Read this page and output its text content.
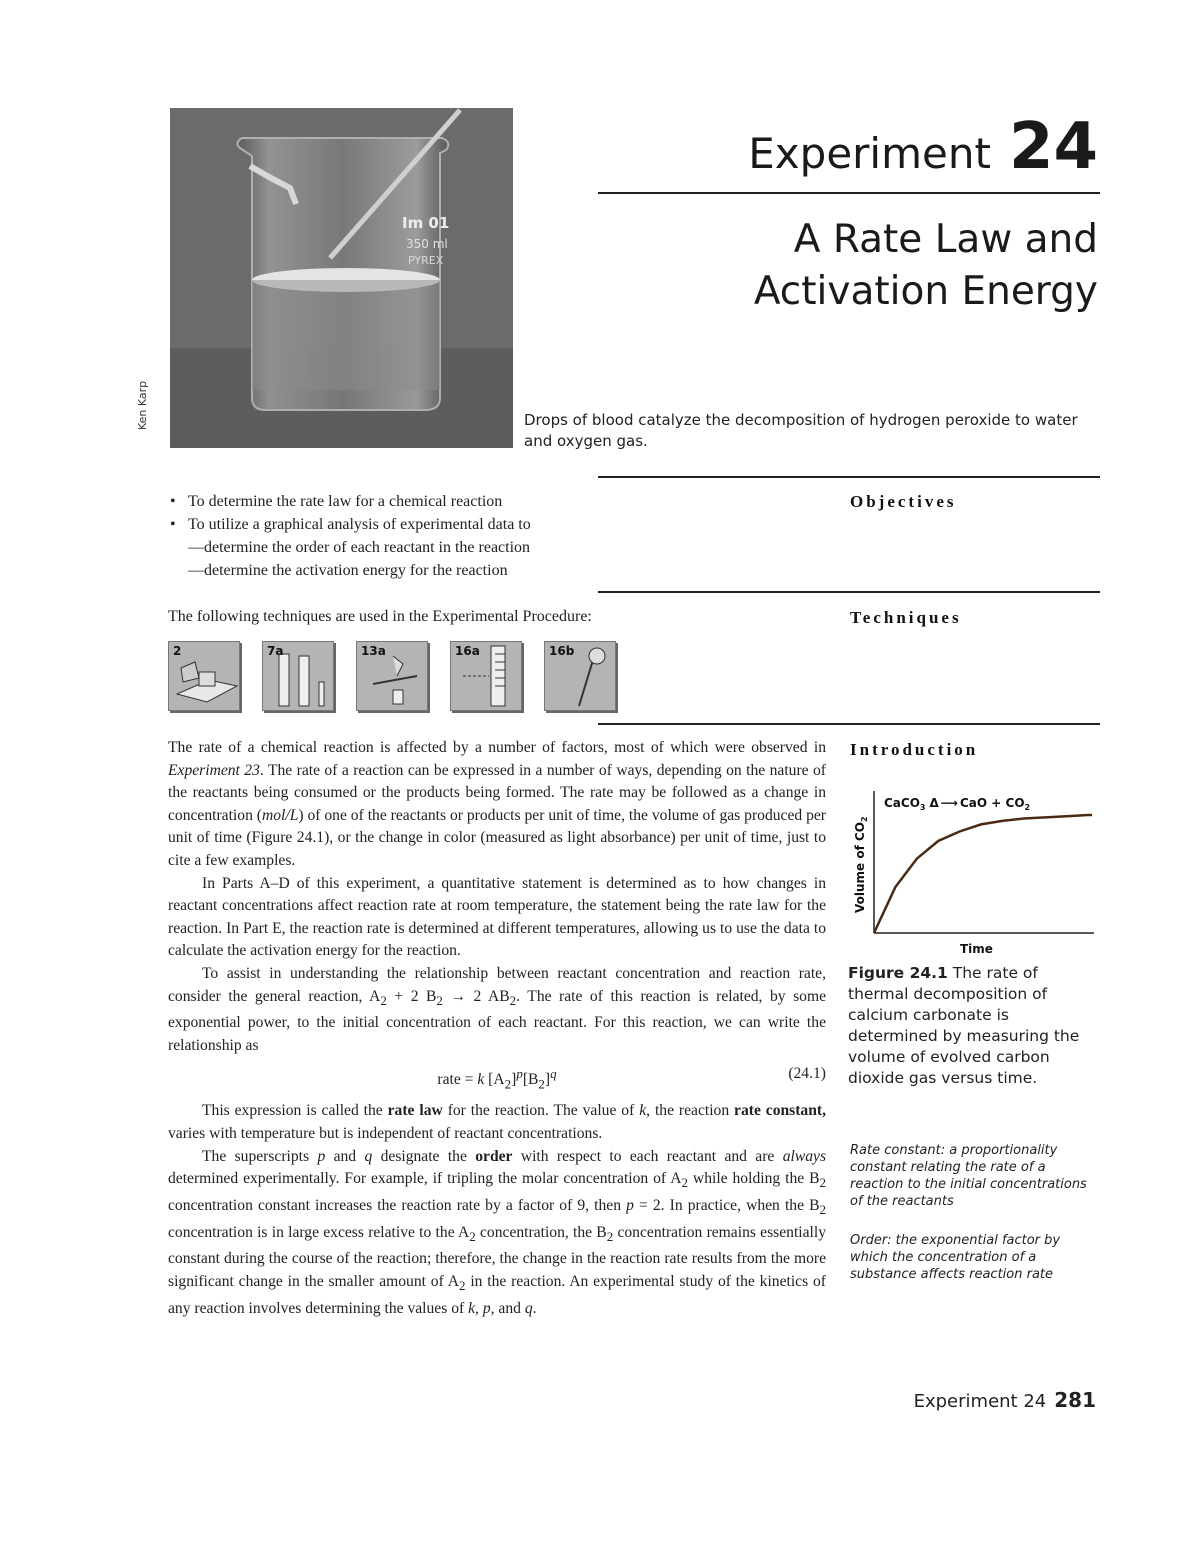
Im 01
350 ml
PYREX
Ken Karp
Experiment 24
A Rate Law and
Activation Energy
Drops of blood catalyze the decomposition of hydrogen peroxide to water and oxygen gas.
Objectives
• To determine the rate law for a chemical reaction
• To utilize a graphical analysis of experimental data to
—determine the order of each reactant in the reaction
—determine the activation energy for the reaction
Techniques
The following techniques are used in the Experimental Procedure:
2	7a	13a	16a	16b
Introduction

The rate of a chemical reaction is affected by a number of factors, most of which were observed in Experiment 23. The rate of a reaction can be expressed in a number of ways, depending on the nature of the reactants being consumed or the products being formed. The rate may be followed as a change in concentration (mol/L) of one of the reactants or products per unit of time, the volume of gas produced per unit of time (Figure 24.1), or the change in color (measured as light absorbance) per unit of time, just to cite a few examples.

In Parts A–D of this experiment, a quantitative statement is determined as to how changes in reactant concentrations affect reaction rate at room temperature, the statement being the rate law for the reaction. In Part E, the reaction rate is determined at different temperatures, allowing us to use the data to calculate the activation energy for the reaction.

To assist in understanding the relationship between reactant concentration and reaction rate, consider the general reaction, $A_2 + 2$ $B_2 \to 2$ $AB_2$. The rate of this reaction is related, by some exponential power, to the initial concentration of each reactant. For this reaction, we can write the relationship as

rate = k $[A_2]^p[B_2]^q$	(24.1)

This expression is called the rate law for the reaction. The value of k, the reaction rate constant, varies with temperature but is independent of reactant concentrations.

The superscripts p and q designate the order with respect to each reactant and are always determined experimentally. For example, if tripling the molar concentration of $A_2$ while holding the $B_2$ concentration constant increases the reaction rate by a factor of 9, then p = 2. In practice, when the $B_2$ concentration is in large excess relative to the $A_2$ concentration, the $B_2$ concentration remains essentially constant during the course of the reaction; therefore, the change in the reaction rate results from the more significant change in the smaller amount of $A_2$ in the reaction. An experimental study of the kinetics of any reaction involves determining the values of k, p, and q.

CaCO$_3$ Δ ⟶ CaO + $CO_2$
Volume of $CO_2$
Time
Figure 24.1 The rate of thermal decomposition of calcium carbonate is determined by measuring the volume of evolved carbon dioxide gas versus time.
Rate constant: a proportionality constant relating the rate of a reaction to the initial concentrations of the reactants
Order: the exponential factor by which the concentration of a substance affects reaction rate
Experiment 24 281
